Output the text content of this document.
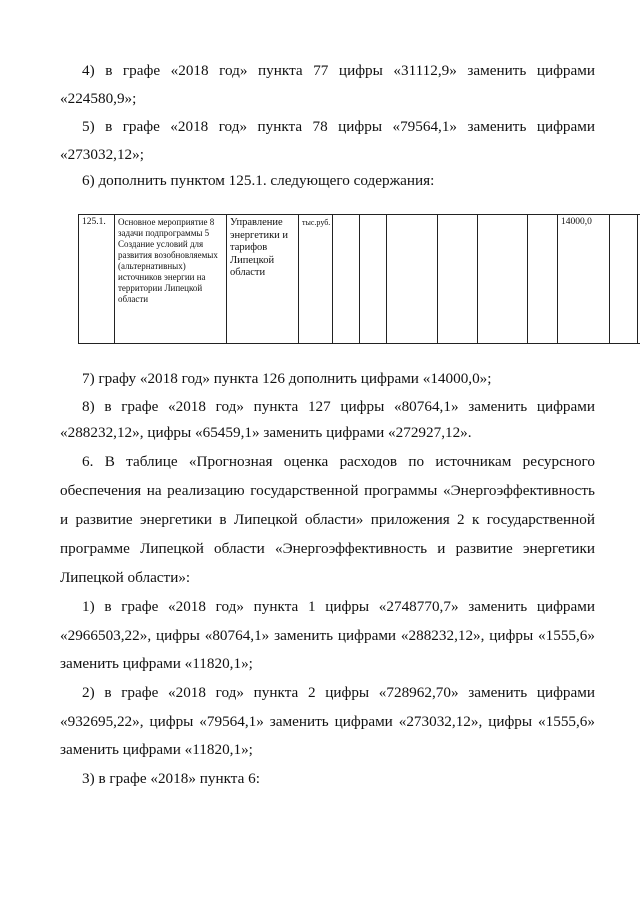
4) в графе «2018 год» пункта 77 цифры «31112,9» заменить цифрами
«224580,9»;
5) в графе «2018 год» пункта 78 цифры «79564,1» заменить цифрами
«273032,12»;
6) дополнить пунктом 125.1. следующего содержания:
125.1.	Основное мероприятие 8 задачи подпрограммы 5 Создание условий для развития возобновляемых (альтернативных) источников энергии на территории Липецкой области	Управление энергетики и тарифов Липецкой области	тыс.руб.							14000,0		
7) графу «2018 год» пункта 126 дополнить цифрами «14000,0»;
8) в графе «2018 год» пункта 127 цифры «80764,1» заменить цифрами
«288232,12», цифры «65459,1» заменить цифрами «272927,12».
6. В таблице «Прогнозная оценка расходов по источникам ресурсного
обеспечения на реализацию государственной программы «Энергоэффективность
и развитие энергетики в Липецкой области» приложения 2 к государственной
программе Липецкой области «Энергоэффективность и развитие энергетики
Липецкой области»:
1) в графе «2018 год» пункта 1 цифры «2748770,7» заменить цифрами
«2966503,22», цифры «80764,1» заменить цифрами «288232,12», цифры «1555,6»
заменить цифрами «11820,1»;
2) в графе «2018 год» пункта 2 цифры «728962,70» заменить цифрами
«932695,22», цифры «79564,1» заменить цифрами «273032,12», цифры «1555,6»
заменить цифрами «11820,1»;
3) в графе «2018» пункта 6:
